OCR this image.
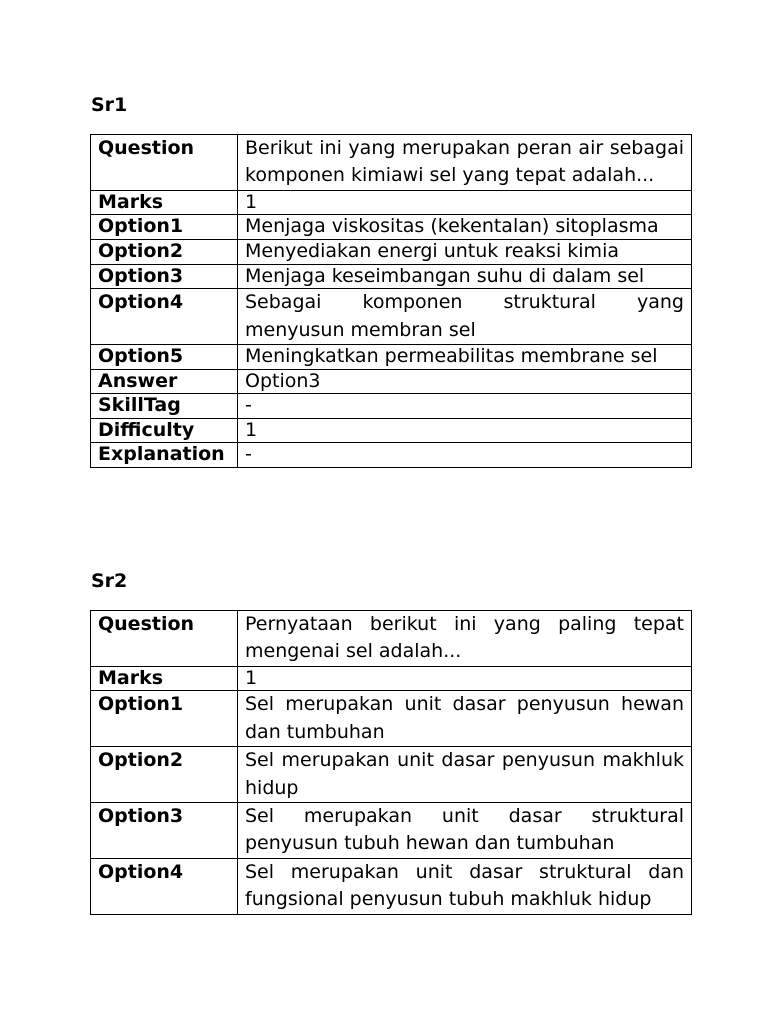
Sr1
Question	Berikut ini yang merupakan peran air sebagai komponen kimiawi sel yang tepat adalah...
Marks	1
Option1	Menjaga viskositas (kekentalan) sitoplasma
Option2	Menyediakan energi untuk reaksi kimia
Option3	Menjaga keseimbangan suhu di dalam sel
Option4	Sebagai komponen struktural yang menyusun membran sel
Option5	Meningkatkan permeabilitas membrane sel
Answer	Option3
SkillTag	-
Difficulty	1
Explanation	-
Sr2
Question	Pernyataan berikut ini yang paling tepat mengenai sel adalah...
Marks	1
Option1	Sel merupakan unit dasar penyusun hewan dan tumbuhan
Option2	Sel merupakan unit dasar penyusun makhluk hidup
Option3	Sel merupakan unit dasar struktural penyusun tubuh hewan dan tumbuhan
Option4	Sel merupakan unit dasar struktural dan fungsional penyusun tubuh makhluk hidup
